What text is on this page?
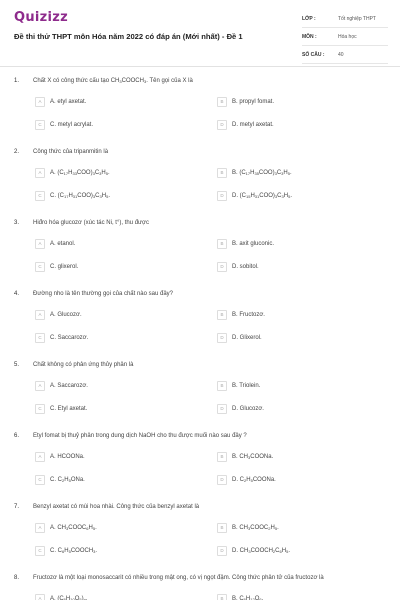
Quizizz
Đề thi thử THPT môn Hóa năm 2022 có đáp án (Mới nhất) - Đề 1
LỚP :	Tốt nghiệp THPT
MÔN :	Hóa học
SỐ CÂU :	40
1. Chất X có công thức cấu tạo $CH_3COOCH_3$. Tên gọi của X là
A A. etyl axetat.	B B. propyl fomat.
C C. metyl acrylat.	D D. metyl axetat.
2. Công thức của tripanmitin là
A A. $(C_{17}H_{33}COO)_3C_3H_5$.	B B. $(C_{17}H_{35}COO)_3C_3H_5$.
C C. $(C_{17}H_{31}COO)_3C_3H_5$.	D D. $(C_{15}H_{31}COO)_3C_3H_5$.
3. Hiđro hóa glucozơ (xúc tác Ni, t°), thu được
A A. etanol.	B B. axit gluconic.
C C. glixerol.	D D. sobitol.
4. Đường nho là tên thường gọi của chất nào sau đây?
A A. Glucozơ.	B B. Fructozơ.
C C. Saccarozơ.	D D. Glixerol.
5. Chất không có phản ứng thủy phân là
A A. Saccarozơ.	B B. Triolein.
C C. Etyl axetat.	D D. Glucozơ.
6. Etyl fomat bị thuỷ phân trong dung dịch NaOH cho thu được muối nào sau đây ?
A A. HCOONa.	B B. $CH_3COONa$.
C C. $C_2H_5ONa$.	D D. $C_2H_5COONa$.
7. Benzyl axetat có mùi hoa nhài. Công thức của benzyl axetat là
A A. $CH_3COOC_6H_5$.	B B. $CH_3COOC_2H_5$.
C C. $C_6H_5COOCH_3$.	D D. $CH_3COOCH_2C_6H_5$.
8. Fructozơ là một loại monosaccarit có nhiều trong mật ong, có vị ngọt đậm. Công thức phân tử của fructozơ là
A A. $(C_6H_{10}O_5)_n$.	B B. $C_6H_{12}O_6$.
